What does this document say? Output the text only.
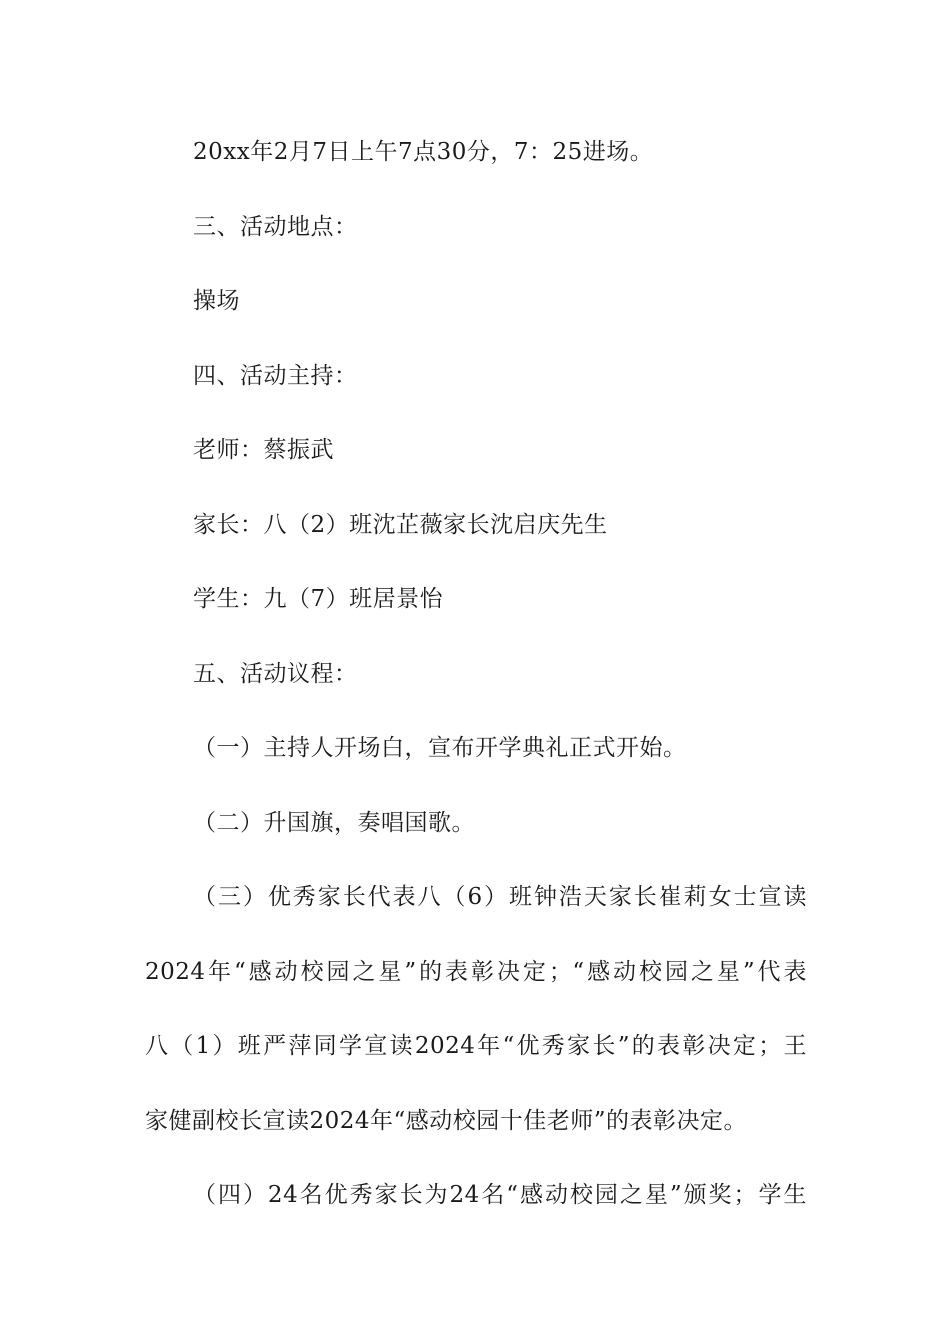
20xx年2月7日上午7点30分，7：25进场。
三、活动地点：
操场
四、活动主持：
老师：蔡振武
家长：八（2）班沈芷薇家长沈启庆先生
学生：九（7）班居景怡
五、活动议程：
（一）主持人开场白，宣布开学典礼正式开始。
（二）升国旗，奏唱国歌。
（三）优秀家长代表八（6）班钟浩天家长崔莉女士宣读
2024年“感动校园之星”的表彰决定；“感动校园之星”代表
八（1）班严萍同学宣读2024年“优秀家长”的表彰决定；王
家健副校长宣读2024年“感动校园十佳老师”的表彰决定。
（四）24名优秀家长为24名“感动校园之星”颁奖；学生
